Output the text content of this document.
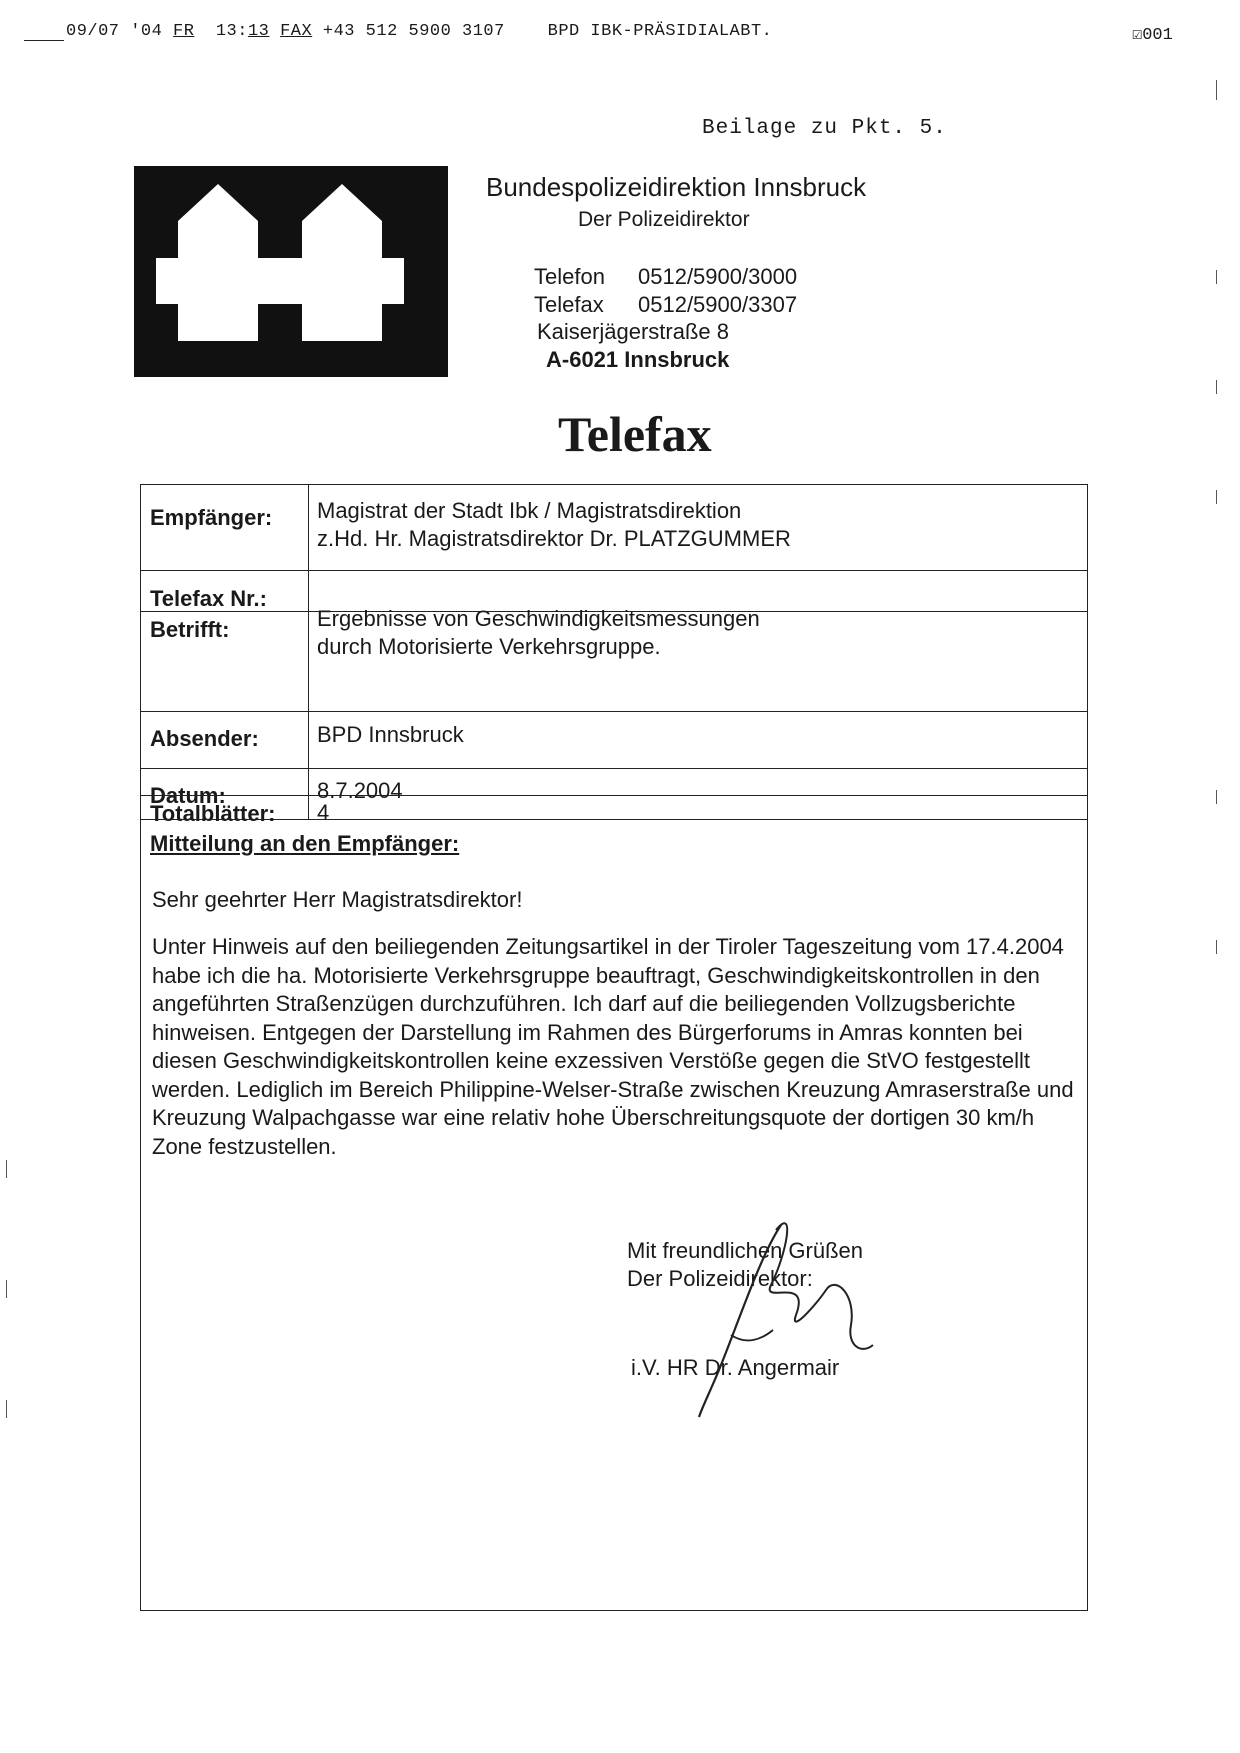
09/07 '04 FR 13:13 FAX +43 512 5900 3107	BPD IBK-PRÄSIDIALABT.	☑001
Beilage zu Pkt. 5.
Bundespolizeidirektion Innsbruck
Der Polizeidirektor
Telefon 0512/5900/3000
Telefax 0512/5900/3307
Kaiserjägerstraße 8
A-6021 Innsbruck
Telefax
Empfänger: Magistrat der Stadt Ibk / Magistratsdirektion
z.Hd. Hr. Magistratsdirektor Dr. PLATZGUMMER
Telefax Nr.:
Betrifft:	Ergebnisse von Geschwindigkeitsmessungen
durch Motorisierte Verkehrsgruppe.
Absender:	BPD Innsbruck
Datum:	8.7.2004
Totalblätter: 4
Mitteilung an den Empfänger:
Sehr geehrter Herr Magistratsdirektor!
Unter Hinweis auf den beiliegenden Zeitungsartikel in der Tiroler Tageszeitung vom 17.4.2004 habe ich die ha. Motorisierte Verkehrsgruppe beauftragt, Geschwindigkeitskontrollen in den angeführten Straßenzügen durchzuführen. Ich darf auf die beiliegenden Vollzugsberichte hinweisen. Entgegen der Darstellung im Rahmen des Bürgerforums in Amras konnten bei diesen Geschwindigkeitskontrollen keine exzessiven Verstöße gegen die StVO festgestellt werden. Lediglich im Bereich Philippine-Welser-Straße zwischen Kreuzung Amraserstraße und Kreuzung Walpachgasse war eine relativ hohe Überschreitungsquote der dortigen 30 km/h Zone festzustellen.
Mit freundlichen Grüßen
Der Polizeidirektor:
i.V. HR Dr. Angermair
